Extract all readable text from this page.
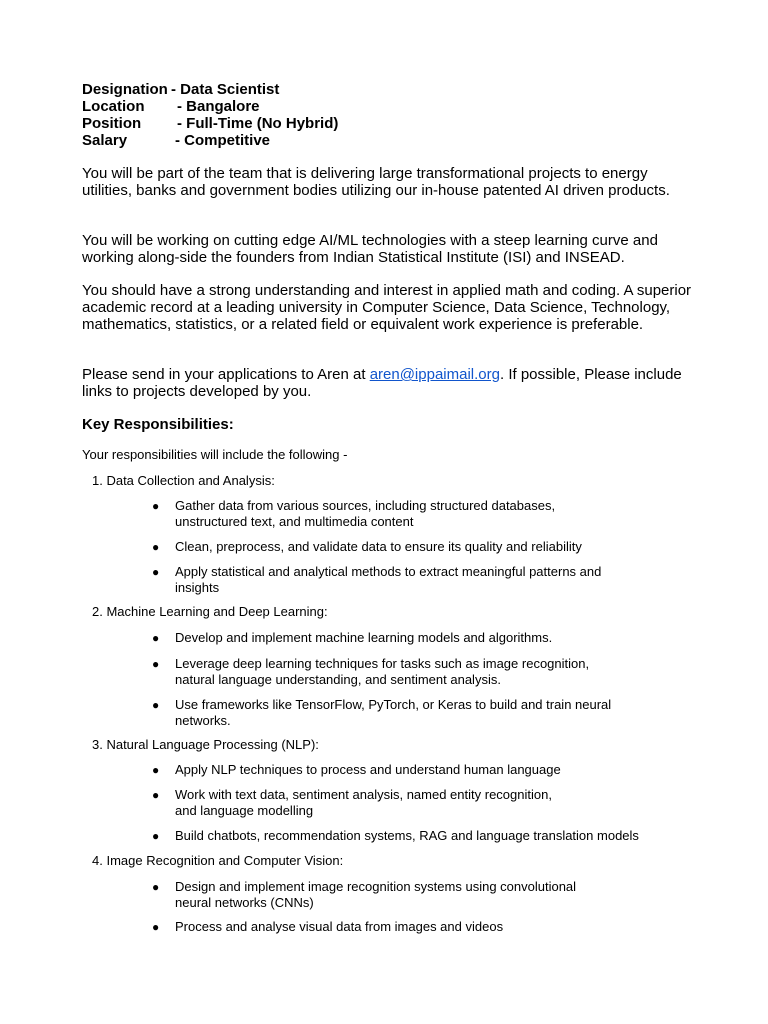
Designation - Data Scientist
Location	- Bangalore
Position	- Full-Time (No Hybrid)
Salary	- Competitive

You will be part of the team that is delivering large transformational projects to energy utilities, banks and government bodies utilizing our in-house patented AI driven products.

You will be working on cutting edge AI/ML technologies with a steep learning curve and working along-side the founders from Indian Statistical Institute (ISI) and INSEAD.

You should have a strong understanding and interest in applied math and coding. A superior academic record at a leading university in Computer Science, Data Science, Technology, mathematics, statistics, or a related field or equivalent work experience is preferable.

Please send in your applications to Aren at aren@ippaimail.org. If possible, Please include links to projects developed by you.

Key Responsibilities:

Your responsibilities will include the following -

1. Data Collection and Analysis:

●	Gather data from various sources, including structured databases,
unstructured text, and multimedia content
●	Clean, preprocess, and validate data to ensure its quality and reliability
●	Apply statistical and analytical methods to extract meaningful patterns and
insights

2. Machine Learning and Deep Learning:

●	Develop and implement machine learning models and algorithms.
●	Leverage deep learning techniques for tasks such as image recognition,
natural language understanding, and sentiment analysis.
●	Use frameworks like TensorFlow, PyTorch, or Keras to build and train neural
networks.

3. Natural Language Processing (NLP):

●	Apply NLP techniques to process and understand human language
●	Work with text data, sentiment analysis, named entity recognition,
and language modelling
●	Build chatbots, recommendation systems, RAG and language translation models

4. Image Recognition and Computer Vision:

●	Design and implement image recognition systems using convolutional
neural networks (CNNs)
●	Process and analyse visual data from images and videos
